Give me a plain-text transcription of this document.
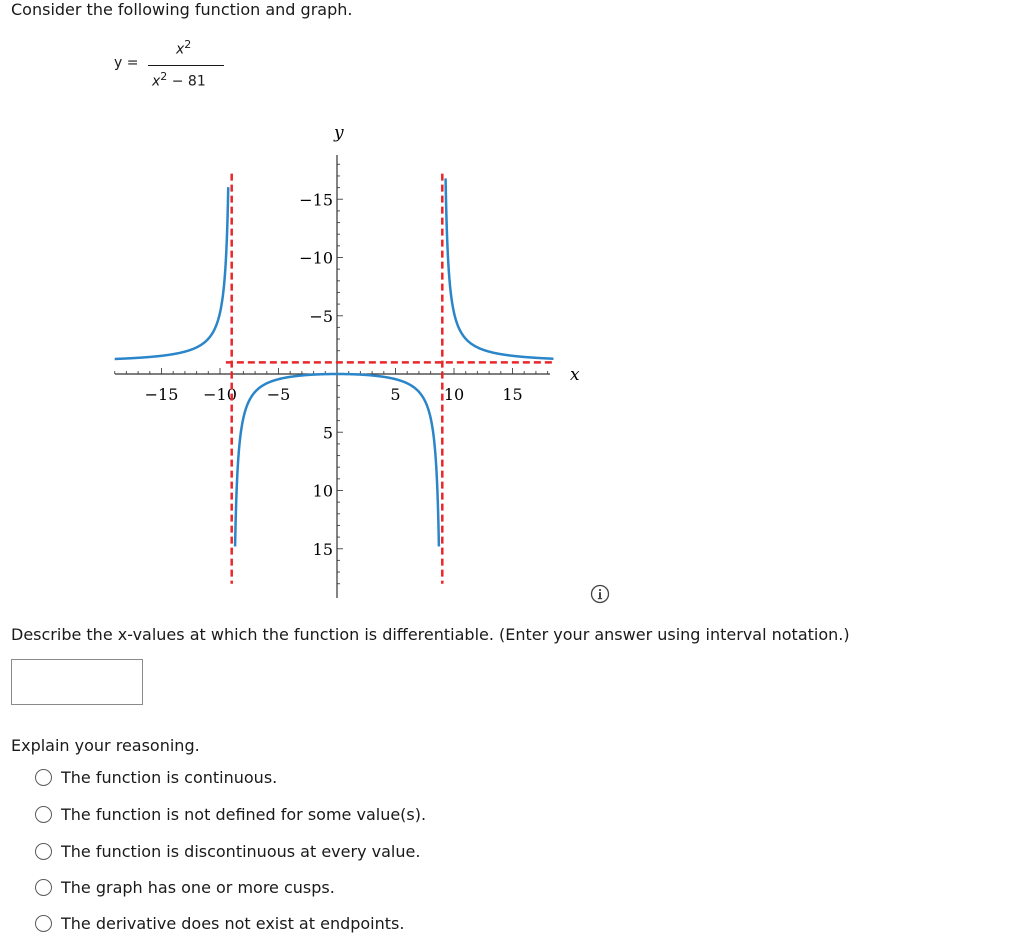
Consider the following function and graph.
y =
$x^2$
$x^2 - 81$
y
x
−15 −10 −5	5	10 15
15
10
5
−5
−10
−15
Describe the x-values at which the function is differentiable. (Enter your answer using interval notation.)
Explain your reasoning.
The function is continuous.
The function is not defined for some value(s).
The function is discontinuous at every value.
The graph has one or more cusps.
The derivative does not exist at endpoints.
